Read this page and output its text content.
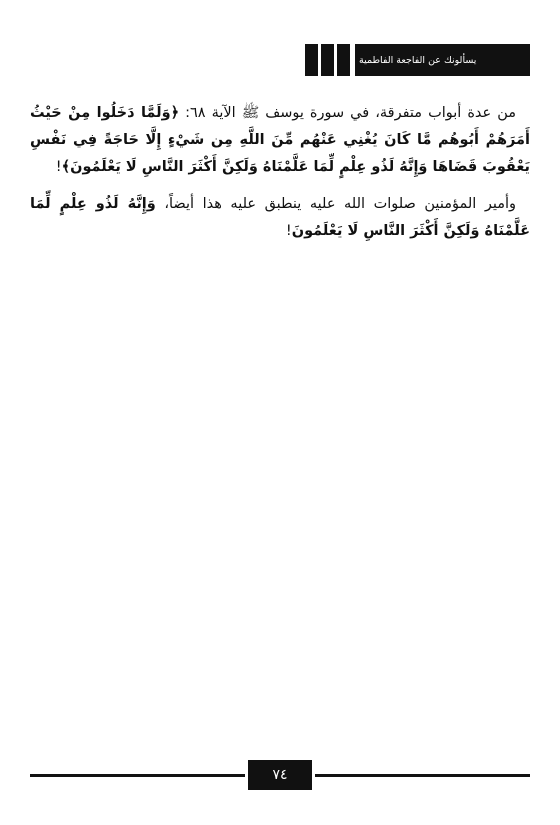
يسألونك عن الفاجعة الفاطمية

من عدة أبواب متفرقة، في سورة يوسف ﷺ الآية ٦٨: ﴿وَلَمَّا دَخَلُوا مِنْ حَيْثُ أَمَرَهُمْ أَبُوهُم مَّا كَانَ يُغْنِي عَنْهُم مِّنَ اللَّهِ مِن شَيْءٍ إِلَّا حَاجَةً فِي نَفْسِ يَعْقُوبَ قَضَاهَا وَإِنَّهُ لَذُو عِلْمٍ لِّمَا عَلَّمْنَاهُ وَلَكِنَّ أَكْثَرَ النَّاسِ لَا يَعْلَمُونَ﴾!

وأمير المؤمنين صلوات الله عليه ينطبق عليه هذا أيضاً، وَإِنَّهُ لَذُو عِلْمٍ لِّمَا عَلَّمْنَاهُ وَلَكِنَّ أَكْثَرَ النَّاسِ لَا يَعْلَمُونَ!

٧٤
